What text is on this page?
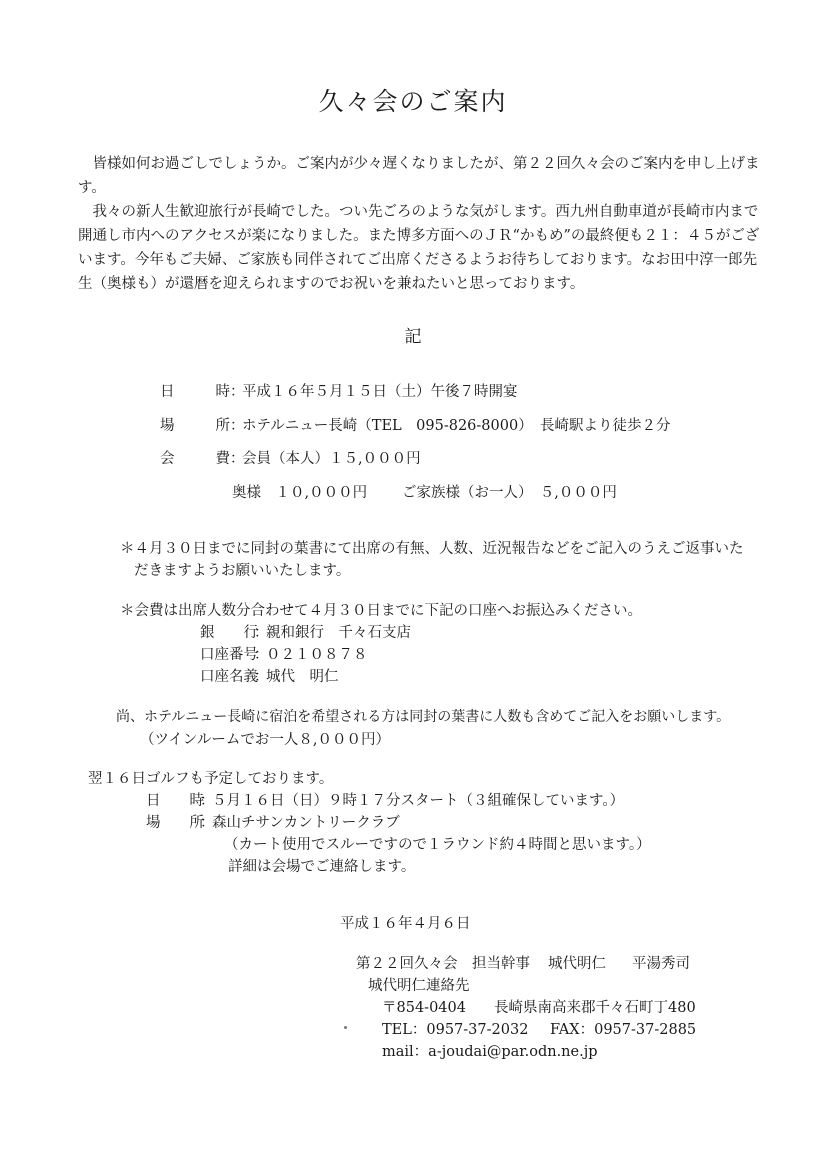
久々会のご案内

皆様如何お過ごしでしょうか。ご案内が少々遅くなりましたが、第２２回久々会のご案内を申し上げます。

我々の新人生歓迎旅行が長崎でした。つい先ごろのような気がします。西九州自動車道が長崎市内まで開通し市内へのアクセスが楽になりました。また博多方面へのＪＲ“かもめ”の最終便も２１：４５がございます。今年もご夫婦、ご家族も同伴されてご出席くださるようお待ちしております。なお田中淳一郎先生（奥様も）が還暦を迎えられますのでお祝いを兼ねたいと思っております。

記
日　　時：平成１６年５月１５日（土）午後７時開宴
場　　所：ホテルニュー長崎（TEL　095-826-8000）　長崎駅より徒歩２分
会　　費：会員（本人）１５,０００円
奥様　１０,０００円 ご家族様（お一人）　５,０００円
＊４月３０日までに同封の葉書にて出席の有無、人数、近況報告などをご記入のうえご返事いた
だきますようお願いいたします。
＊会費は出席人数分合わせて４月３０日までに下記の口座へお振込みください。
銀　　行：親和銀行　千々石支店
口座番号：０２１０８７８
口座名義：城代　明仁
尚、ホテルニュー長崎に宿泊を希望される方は同封の葉書に人数も含めてご記入をお願いします。
（ツインルームでお一人８,０００円）
翌１６日ゴルフも予定しております。
日　　時：５月１６日（日）９時１７分スタート（３組確保しています。）
場　　所：森山チサンカントリークラブ
（カート使用でスルーですので１ラウンド約４時間と思います。）
詳細は会場でご連絡します。
平成１６年４月６日
第２２回久々会　担当幹事 城代明仁 平湯秀司
城代明仁連絡先
〒854-0404 長崎県南高来郡千々石町丁480
TEL：0957-37-2032 FAX：0957-37-2885
mail：a-joudai@par.odn.ne.jp
